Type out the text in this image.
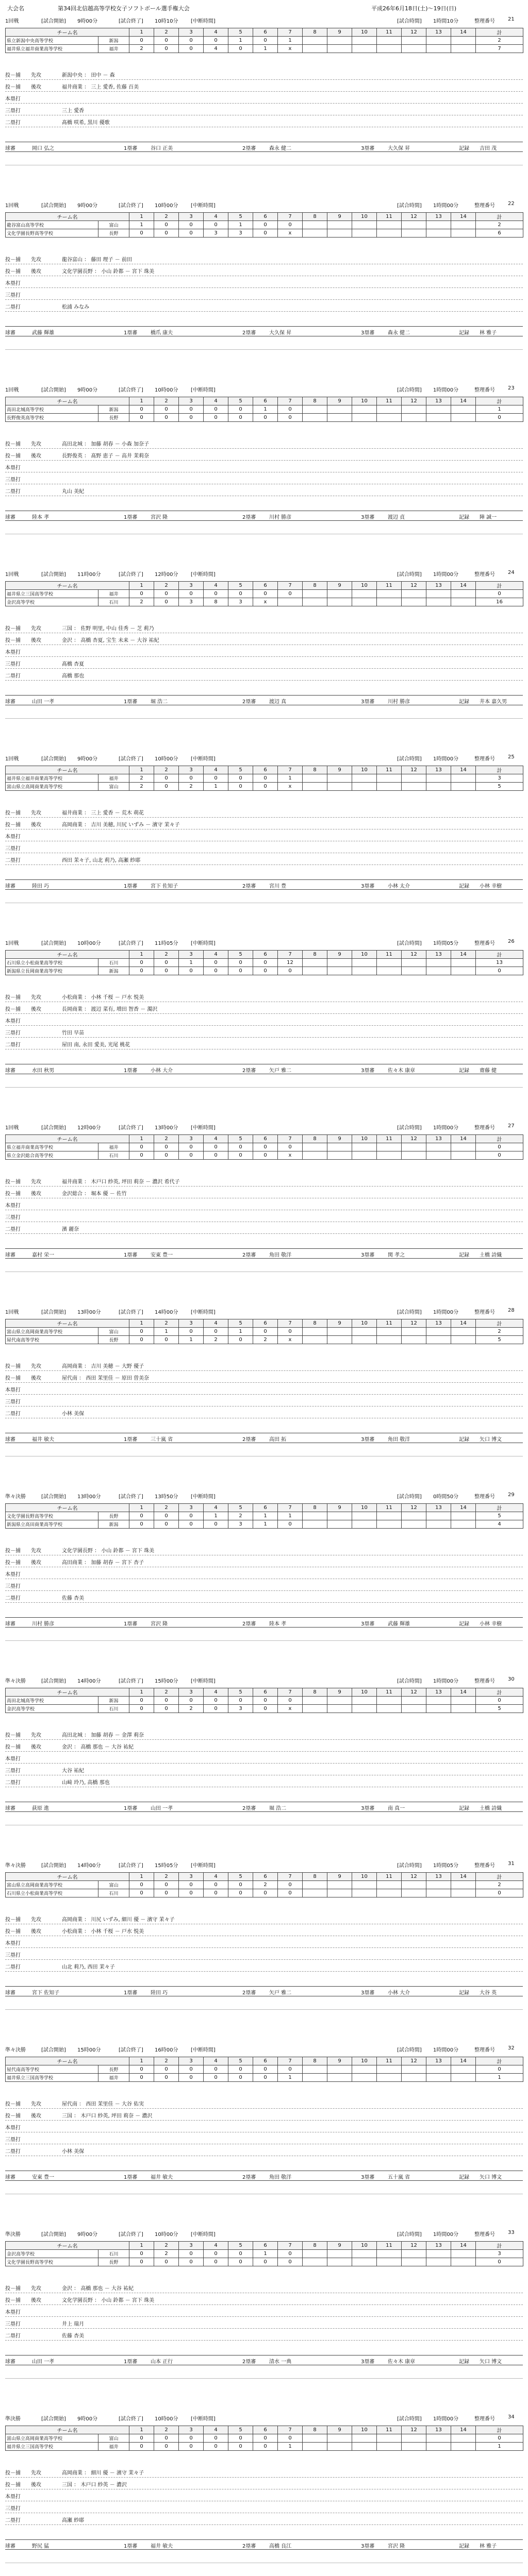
大会名	第34回北信越高等学校女子ソフトボール選手権大会	平成26年6月18日(土)～19日(日)
1回戦	[試合開始] 9時00分	[試合終了] 10時10分 [中断時間]	[試合時間] 1時間10分	整理番号	21
チーム名		1	2	3	4	5	6	7	8	9	10	11	12	13	14	計
県立新潟中央高等学校	新潟	0	0	0	0	1	0	1								2
福井県立福井商業高等学校	福井	2	0	0	4	0	1	x								7
投－捕 先攻	新潟中央 ： 田中 － 森
投－捕 後攻	福井商業 ： 三上 愛香, 佐藤 百美
本塁打
三塁打	三上 愛香
二塁打	髙橋 咲希, 黒川 優歌
球審	岡口 弘之	1塁審	谷口 正美	2塁審	森永 健二	3塁審	大久保 昇	記録 吉田 茂
1回戦	[試合開始] 9時00分	[試合終了] 10時00分 [中断時間]	[試合時間] 1時間00分	整理番号	22
チーム名		1	2	3	4	5	6	7	8	9	10	11	12	13	14	計
龍谷富山高等学校	富山	1	0	0	0	1	0	0								2
文化学園長野高等学校	長野	0	0	0	3	3	0	x								6
投－捕 先攻	龍谷富山 ： 藤田 理子 － 前田
投－捕 後攻	文化学園長野 ： 小山 鈴都 － 宮下 珠美
本塁打
三塁打
二塁打	松浦 みなみ
球審	武藤 輝雄	1塁審	橋爪 康夫	2塁審	大久保 昇	3塁審	森永 健二	記録 林 雅子
1回戦	[試合開始] 9時00分	[試合終了] 10時00分 [中断時間]	[試合時間] 1時間00分	整理番号	23
チーム名		1	2	3	4	5	6	7	8	9	10	11	12	13	14	計
高田北城高等学校	新潟	0	0	0	0	0	1	0								1
長野俊英高等学校	長野	0	0	0	0	0	0	0								0
投－捕 先攻	高田北城 ： 加藤 胡春 － 小森 加奈子
投－捕 後攻	長野俊英 ： 髙野 恵子 － 高井 茉莉奈
本塁打
三塁打
二塁打	丸山 美紀
球審	陸本 孝	1塁審	宮沢 隆	2塁審	川村 勝彦	3塁審	渡辺 貞	記録 陣 誠一
1回戦	[試合開始] 11時00分	[試合終了] 12時00分 [中断時間]	[試合時間] 1時間00分	整理番号	24
チーム名		1	2	3	4	5	6	7	8	9	10	11	12	13	14	計
福井県立三国高等学校	福井	0	0	0	0	0	0	0								0
金沢高等学校	石川	2	0	3	8	3	x									16
投－捕 先攻	三国 ： 佐野 明里, 中山 佳秀 － 芝 莉乃
投－捕 後攻	金沢 ： 高橋 杏夏, 宝生 未来 － 大谷 祐紀
本塁打
三塁打	髙橋 杏夏
二塁打	高橋 那也
球審	山田 一孝	1塁審	堀 浩二	2塁審	渡辺 真	3塁審	川村 勝彦	記録 井本 嘉久男
1回戦	[試合開始] 9時00分	[試合終了] 10時00分 [中断時間]	[試合時間] 1時間00分	整理番号	25
チーム名		1	2	3	4	5	6	7	8	9	10	11	12	13	14	計
福井県立福井商業高等学校	福井	2	0	0	0	0	0	1								3
富山県立高岡商業高等学校	富山	2	0	2	1	0	0	x								5
投－捕 先攻	福井商業 ： 三上 愛香 － 荒木 萌花
投－捕 後攻	高岡商業 ： 吉川 美穂, 川尻 いずみ － 濱守 茉々子
本塁打
三塁打
二塁打	西田 茉々子, 山北 莉乃, 高瀬 紗耶
球審	陸田 巧	1塁審	宮下 佐知子	2塁審	宮川 豊	3塁審	小林 太介	記録 小林 幸樹
1回戦	[試合開始] 10時00分	[試合終了] 11時05分 [中断時間]	[試合時間] 1時間05分	整理番号	26
チーム名		1	2	3	4	5	6	7	8	9	10	11	12	13	14	計
石川県立小松商業高等学校	石川	0	0	1	0	0	0	12								13
新潟県立長岡商業高等学校	新潟	0	0	0	0	0	0	0								0
投－捕 先攻	小松商業 ： 小林 千桜 － 戸水 悦美
投－捕 後攻	長岡商業 ： 渡辺 菜有, 増田 智香 － 濁沢
本塁打
三塁打	竹田 早苗
二塁打	屋田 南, 永田 愛美, 光尾 桃花
球審	水田 秋男	1塁審	小林 大介	2塁審	矢戸 雅二	3塁審	佐々木 康章	記録 齋藤 健
1回戦	[試合開始] 12時00分	[試合終了] 13時00分 [中断時間]	[試合時間] 1時間00分	整理番号	27
チーム名		1	2	3	4	5	6	7	8	9	10	11	12	13	14	計
県立福井商業高等学校	福井	0	0	0	0	0	0	0								0
県立金沢総合高等学校	石川	0	0	0	0	0	0	x								0
投－捕 先攻	福井商業 ： 木戸口 紗英, 坪田 莉奈 － 濃沢 希代子
投－捕 後攻	金沢総合 ： 堀本 優 － 佐竹
本塁打
三塁打
二塁打	濱 麗奈
球審	嘉村 栄一	1塁審	安東 豊一	2塁審	角田 敬洋	3塁審	関 孝之	記録 土橋 詩織
1回戦	[試合開始] 13時00分	[試合終了] 14時00分 [中断時間]	[試合時間] 1時間00分	整理番号	28
チーム名		1	2	3	4	5	6	7	8	9	10	11	12	13	14	計
富山県立高岡商業高等学校	富山	0	1	0	0	1	0	0								2
屋代南高等学校	長野	0	0	1	2	0	2	x								5
投－捕 先攻	高岡商業 ： 吉川 美穂 － 大野 優子
投－捕 後攻	屋代南 ： 西田 茉里佳 － 原田 曽美奈
本塁打
三塁打
二塁打	小林 美保
球審	福井 敏夫	1塁審	三十嵐 省	2塁審	高田 拓	3塁審	角田 敬洋	記録 矢口 博文
準々決勝	[試合開始] 13時00分	[試合終了] 13時50分 [中断時間]	[試合時間] 0時間50分	整理番号	29
チーム名		1	2	3	4	5	6	7	8	9	10	11	12	13	14	計
文化学園長野高等学校	長野	0	0	0	1	2	1	1								5
新潟県立高田商業高等学校	新潟	0	0	0	0	3	1	0								4
投－捕 先攻	文化学園長野 ： 小山 鈴都 － 宮下 珠美
投－捕 後攻	高田商業 ： 加藤 胡春 － 宮下 杏子
本塁打
三塁打
二塁打	佐藤 杏美
球審	川村 勝彦	1塁審	宮沢 隆	2塁審	陸本 孝	3塁審	武藤 輝雄	記録 小林 幸樹
準々決勝	[試合開始] 14時00分	[試合終了] 15時00分 [中断時間]	[試合時間] 1時間00分	整理番号	30
チーム名		1	2	3	4	5	6	7	8	9	10	11	12	13	14	計
高田北城高等学校	新潟	0	0	0	0	0	0	0								0
金沢高等学校	石川	0	0	2	0	3	0	x								5
投－捕 先攻	高田北城 ： 加藤 胡春 － 金澤 莉奈
投－捕 後攻	金沢 ： 高橋 那也 － 大谷 祐紀
本塁打
三塁打	大谷 祐紀
二塁打	山﨑 玲乃, 高橋 那也
球審	荻原 進	1塁審	山田 一孝	2塁審	堀 浩二	3塁審	南 真一	記録 土橋 詩織
準々決勝	[試合開始] 14時00分	[試合終了] 15時05分 [中断時間]	[試合時間] 1時間05分	整理番号	31
チーム名		1	2	3	4	5	6	7	8	9	10	11	12	13	14	計
富山県立高岡商業高等学校	富山	0	0	0	0	0	2	0								2
石川県立小松商業高等学校	石川	0	0	0	0	0	0	0								0
投－捕 先攻	高岡商業 ： 川尻 いずみ, 細川 優 － 濱守 茉々子
投－捕 後攻	小松商業 ： 小林 千桜 － 戸水 悦美
本塁打
三塁打
二塁打	山北 莉乃, 西田 茉々子
球審	宮下 佐知子	1塁審	陸田 巧	2塁審	矢戸 雅二	3塁審	小林 大介	記録 大谷 英
準々決勝	[試合開始] 15時00分	[試合終了] 16時00分 [中断時間]	[試合時間] 1時間00分	整理番号	32
チーム名		1	2	3	4	5	6	7	8	9	10	11	12	13	14	計
屋代南高等学校	長野	0	0	0	0	0	0	0								0
福井県立三国高等学校	福井	0	0	0	0	0	0	1								1
投－捕 先攻	屋代南 ： 西田 茉里佳 － 大谷 佑実
投－捕 後攻	三国 ： 木戸口 紗英, 坪田 莉奈 － 濃沢
本塁打
三塁打
二塁打	小林 美保
球審	安東 豊一	1塁審	福井 敏夫	2塁審	角田 敬洋	3塁審	五十嵐 省	記録 矢口 博文
準決勝	[試合開始] 9時00分	[試合終了] 10時00分 [中断時間]	[試合時間] 1時間00分	整理番号	33
チーム名		1	2	3	4	5	6	7	8	9	10	11	12	13	14	計
金沢高等学校	石川	0	2	0	0	0	1	0								3
文化学園長野高等学校	長野	0	0	0	0	0	0	0								0
投－捕 先攻	金沢 ： 高橋 那也 － 大谷 祐紀
投－捕 後攻	文化学園長野 ： 小山 鈴都 － 宮下 珠美
本塁打
三塁打	井上 瑞月
二塁打	佐藤 杏美
球審	山田 一孝	1塁審	山本 正行	2塁審	清水 一典	3塁審	佐々木 康章	記録 矢口 博文
準決勝	[試合開始] 9時00分	[試合終了] 10時00分 [中断時間]	[試合時間] 1時間00分	整理番号	34
チーム名		1	2	3	4	5	6	7	8	9	10	11	12	13	14	計
富山県立高岡商業高等学校	富山	0	0	0	0	0	0	0								0
福井県立三国高等学校	福井	0	0	0	0	0	0	1								1
投－捕 先攻	高岡商業 ： 細川 優 － 濱守 茉々子
投－捕 後攻	三国 ： 木戸口 紗英 － 濃沢
本塁打
三塁打
二塁打	高瀬 紗耶
球審	野尻 猛	1塁審	福井 敏夫	2塁審	高橋 良江	3塁審	宮沢 隆	記録 林 雅子
